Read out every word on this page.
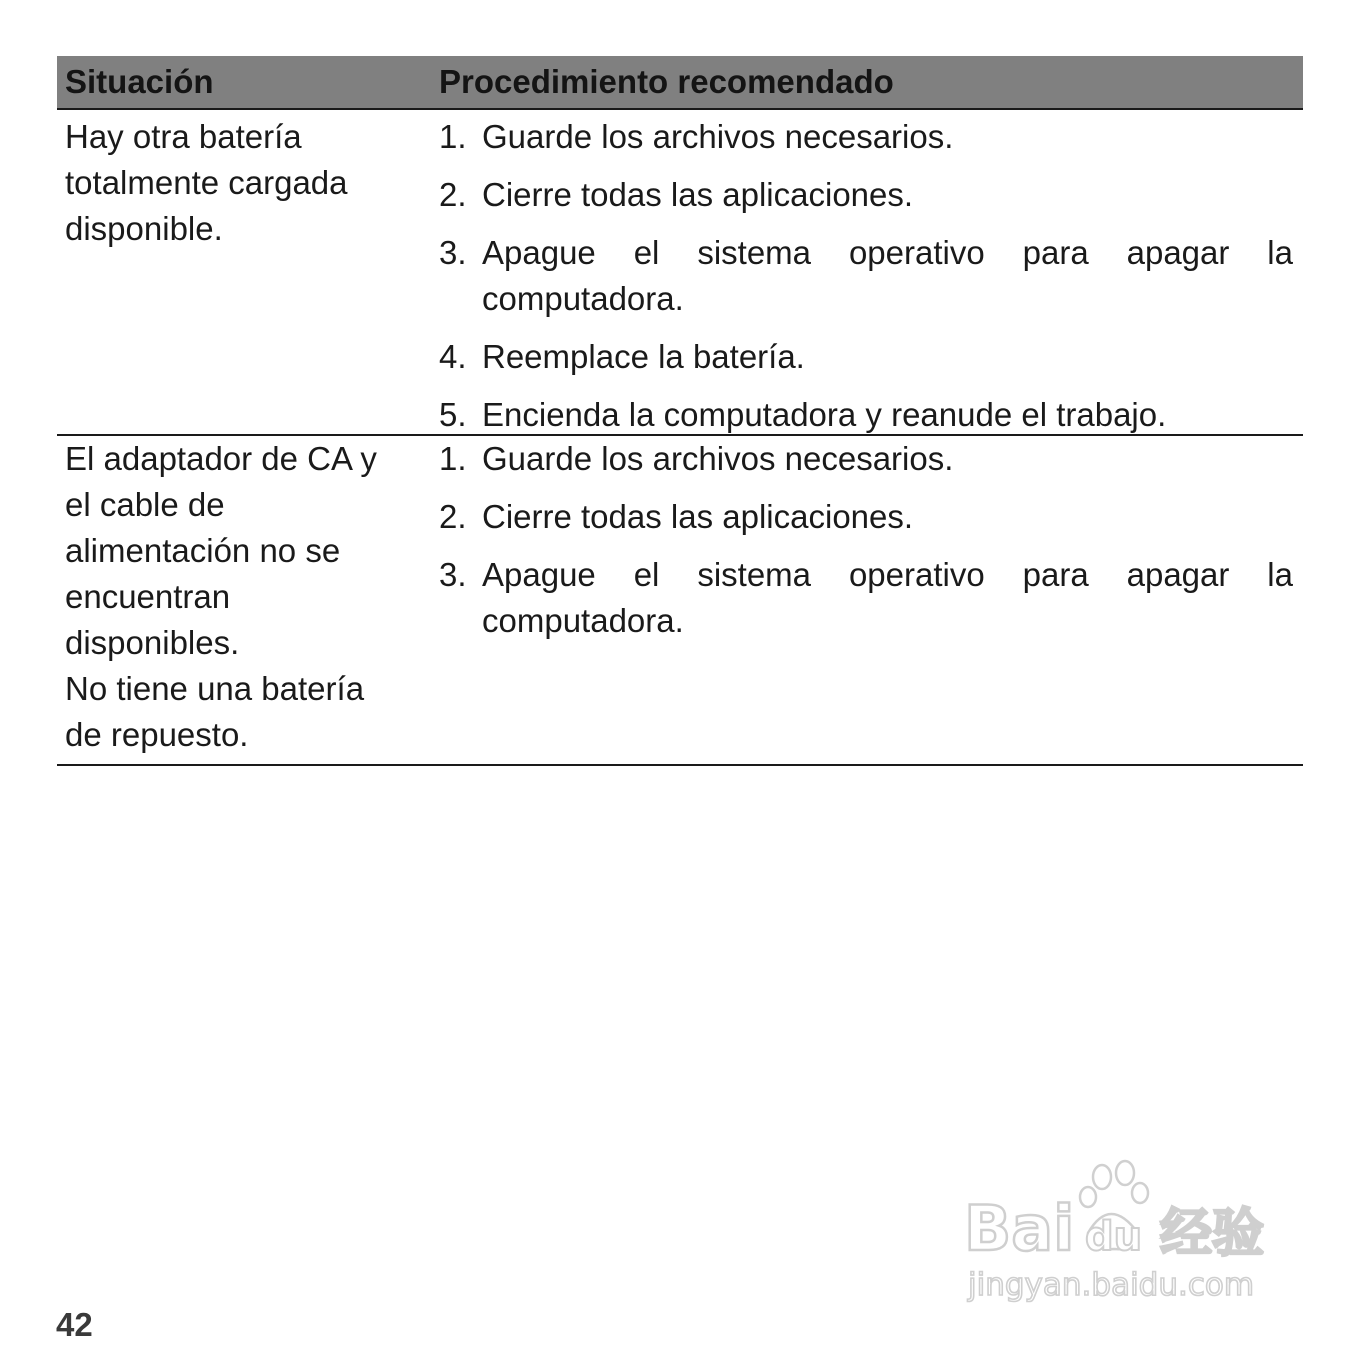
Situación	Procedimiento recomendado
Hay otra batería
totalmente cargada
disponible.
1. Guarde los archivos necesarios.
2. Cierre todas las aplicaciones.
3. Apague el sistema operativo para apagar la computadora.
4. Reemplace la batería.
5. Encienda la computadora y reanude el trabajo.
El adaptador de CA y
el cable de
alimentación no se
encuentran
disponibles.
No tiene una batería
de repuesto.
1. Guarde los archivos necesarios.
2. Cierre todas las aplicaciones.
3. Apague el sistema operativo para apagar la computadora.
42
Bai du 经验
jingyan.baidu.com
